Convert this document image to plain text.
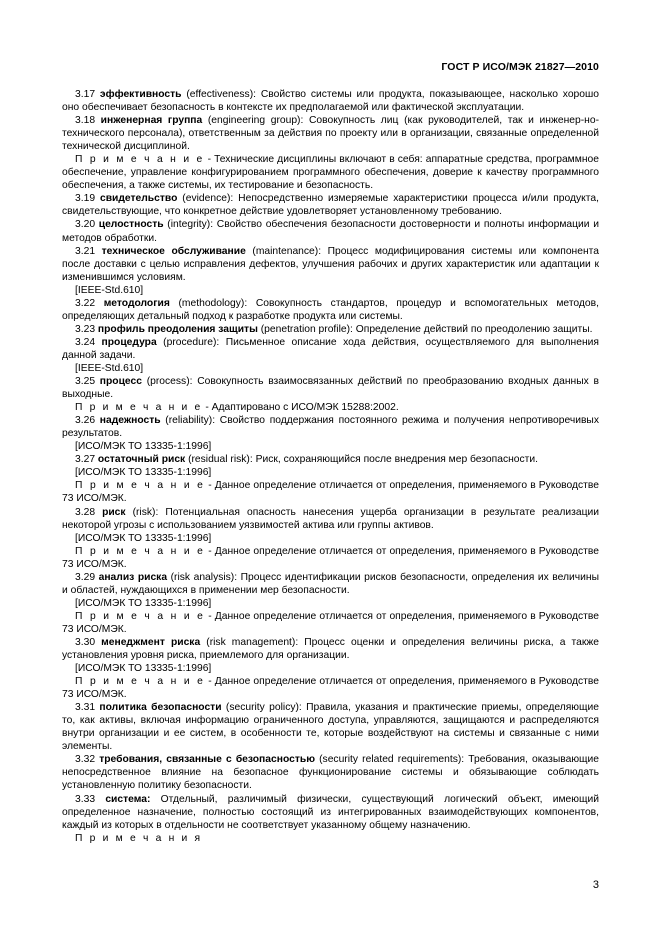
ГОСТ Р ИСО/МЭК 21827—2010

3.17 эффективность (effectiveness): Свойство системы или продукта, показывающее, насколько хорошо оно обеспечивает безопасность в контексте их предполагаемой или фактической эксплуатации.

3.18 инженерная группа (engineering group): Совокупность лиц (как руководителей, так и инженер-но-технического персонала), ответственным за действия по проекту или в организации, связанные определенной технической дисциплиной.

П р и м е ч а н и е - Технические дисциплины включают в себя: аппаратные средства, программное обеспечение, управление конфигурированием программного обеспечения, доверие к качеству программного обеспечения, а также системы, их тестирование и безопасность.

3.19 свидетельство (evidence): Непосредственно измеряемые характеристики процесса и/или продукта, свидетельствующие, что конкретное действие удовлетворяет установленному требованию.

3.20 целостность (integrity): Свойство обеспечения безопасности достоверности и полноты информации и методов обработки.

3.21 техническое обслуживание (maintenance): Процесс модифицирования системы или компонента после доставки с целью исправления дефектов, улучшения рабочих и других характеристик или адаптации к изменившимся условиям.

[IEEE-Std.610]

3.22 методология (methodology): Совокупность стандартов, процедур и вспомогательных методов, определяющих детальный подход к разработке продукта или системы.

3.23 профиль преодоления защиты (penetration profile): Определение действий по преодолению защиты.

3.24 процедура (procedure): Письменное описание хода действия, осуществляемого для выполнения данной задачи.

[IEEE-Std.610]

3.25 процесс (process): Совокупность взаимосвязанных действий по преобразованию входных данных в выходные.

П р и м е ч а н и е - Адаптировано с ИСО/МЭК 15288:2002.

3.26 надежность (reliability): Свойство поддержания постоянного режима и получения непротиворечивых результатов.

[ИСО/МЭК ТО 13335-1:1996]

3.27 остаточный риск (residual risk): Риск, сохраняющийся после внедрения мер безопасности.

[ИСО/МЭК ТО 13335-1:1996]

П р и м е ч а н и е - Данное определение отличается от определения, применяемого в Руководстве 73 ИСО/МЭК.

3.28 риск (risk): Потенциальная опасность нанесения ущерба организации в результате реализации некоторой угрозы с использованием уязвимостей актива или группы активов.

[ИСО/МЭК ТО 13335-1:1996]

П р и м е ч а н и е - Данное определение отличается от определения, применяемого в Руководстве 73 ИСО/МЭК.

3.29 анализ риска (risk analysis): Процесс идентификации рисков безопасности, определения их величины и областей, нуждающихся в применении мер безопасности.

[ИСО/МЭК ТО 13335-1:1996]

П р и м е ч а н и е - Данное определение отличается от определения, применяемого в Руководстве 73 ИСО/МЭК.

3.30 менеджмент риска (risk management): Процесс оценки и определения величины риска, а также установления уровня риска, приемлемого для организации.

[ИСО/МЭК ТО 13335-1:1996]

П р и м е ч а н и е - Данное определение отличается от определения, применяемого в Руководстве 73 ИСО/МЭК.

3.31 политика безопасности (security policy): Правила, указания и практические приемы, определяющие то, как активы, включая информацию ограниченного доступа, управляются, защищаются и распределяются внутри организации и ее систем, в особенности те, которые воздействуют на системы и связанные с ними элементы.

3.32 требования, связанные с безопасностью (security related requirements): Требования, оказывающие непосредственное влияние на безопасное функционирование системы и обязывающие соблюдать установленную политику безопасности.

3.33 система: Отдельный, различимый физически, существующий логический объект, имеющий определенное назначение, полностью состоящий из интегрированных взаимодействующих компонентов, каждый из которых в отдельности не соответствует указанному общему назначению.

П р и м е ч а н и я

3
